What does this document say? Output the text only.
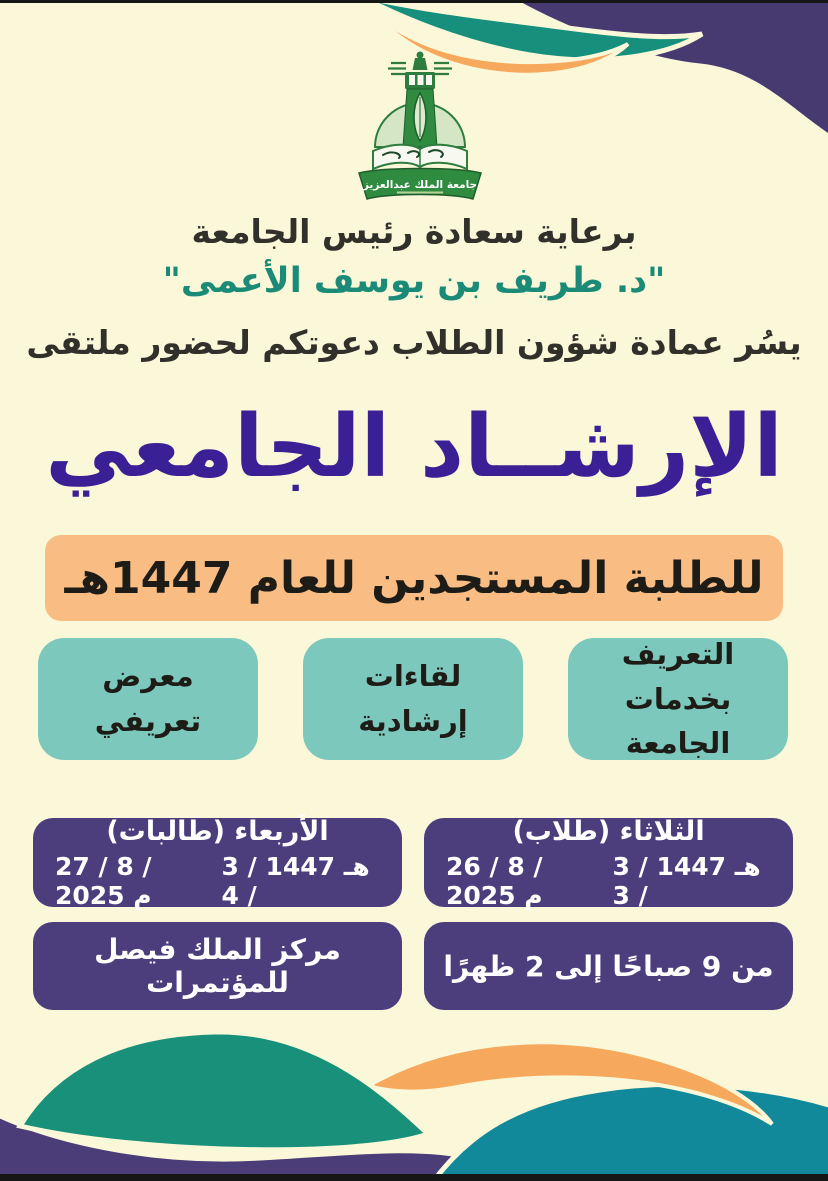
جامعة الملك عبدالعزيز
برعاية سعادة رئيس الجامعة
"د. طريف بن يوسف الأعمى"
يسُر عمادة شؤون الطلاب دعوتكم لحضور ملتقى
الإرشــاد الجامعي
للطلبة المستجدين للعام 1447هـ
التعريف بخدمات الجامعة
لقاءات إرشادية
معرض تعريفي
الثلاثاء (طلاب)
26 / 8 / 2025 م
هـ 1447 / 3 / 3
الأربعاء (طالبات)
27 / 8 / 2025 م
هـ 1447 / 3 / 4
من 9 صباحًا إلى 2 ظهرًا
مركز الملك فيصل للمؤتمرات
